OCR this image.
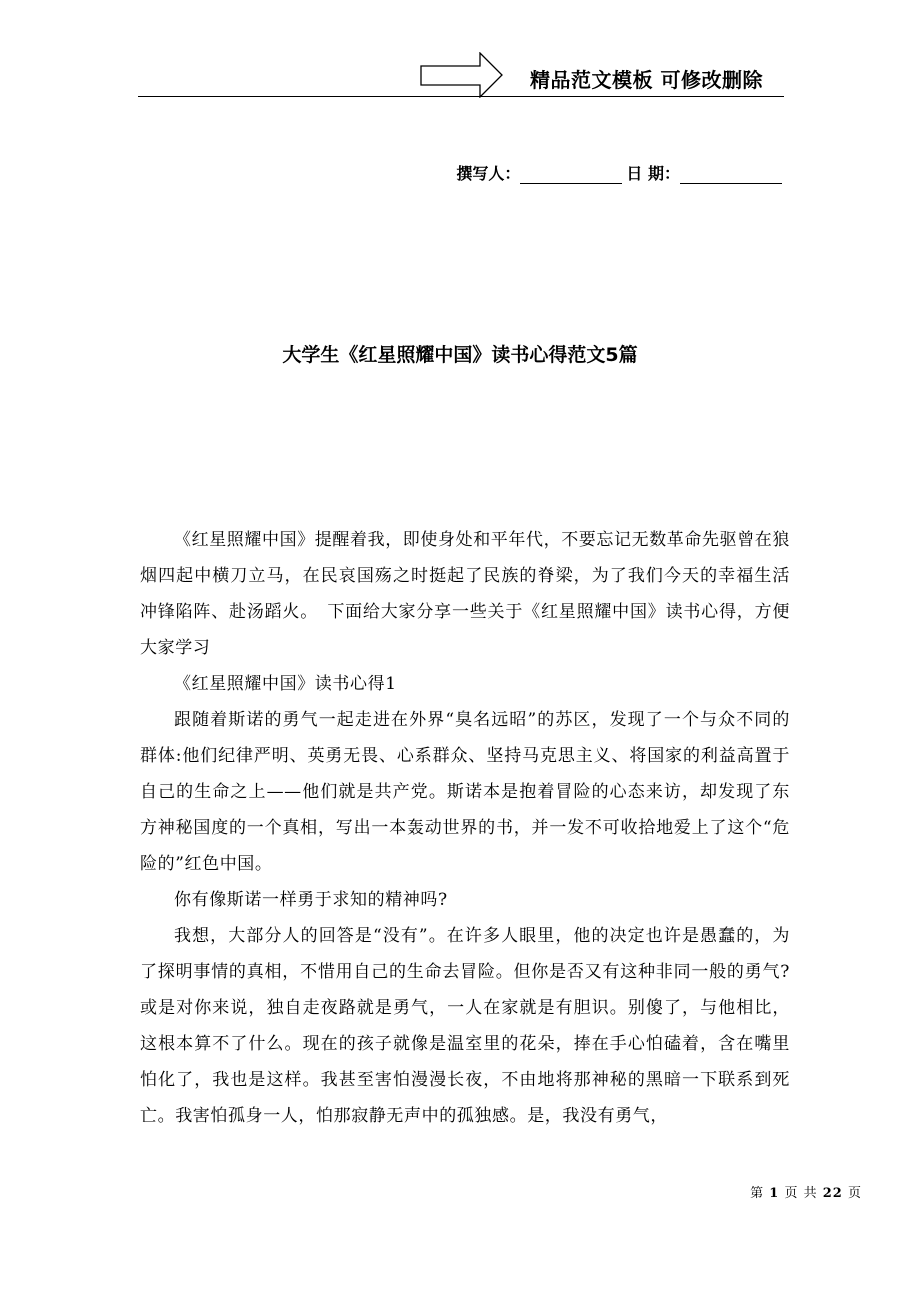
精品范文模板 可修改删除
撰写人：	日 期：
大学生《红星照耀中国》读书心得范文5篇

《红星照耀中国》提醒着我，即使身处和平年代，不要忘记无数革命先驱曾在狼烟四起中横刀立马，在民哀国殇之时挺起了民族的脊梁，为了我们今天的幸福生活冲锋陷阵、赴汤蹈火。　下面给大家分享一些关于《红星照耀中国》读书心得，方便大家学习

《红星照耀中国》读书心得1

跟随着斯诺的勇气一起走进在外界“臭名远昭”的苏区，发现了一个与众不同的群体:他们纪律严明、英勇无畏、心系群众、坚持马克思主义、将国家的利益高置于自己的生命之上——他们就是共产党。斯诺本是抱着冒险的心态来访，却发现了东方神秘国度的一个真相，写出一本轰动世界的书，并一发不可收拾地爱上了这个“危险的”红色中国。

你有像斯诺一样勇于求知的精神吗?

我想，大部分人的回答是“没有”。在许多人眼里，他的决定也许是愚蠢的，为了探明事情的真相，不惜用自己的生命去冒险。但你是否又有这种非同一般的勇气?或是对你来说，独自走夜路就是勇气，一人在家就是有胆识。别傻了，与他相比，这根本算不了什么。现在的孩子就像是温室里的花朵，捧在手心怕磕着，含在嘴里怕化了，我也是这样。我甚至害怕漫漫长夜，不由地将那神秘的黑暗一下联系到死亡。我害怕孤身一人，怕那寂静无声中的孤独感。是，我没有勇气，

第 1 页 共 22 页
